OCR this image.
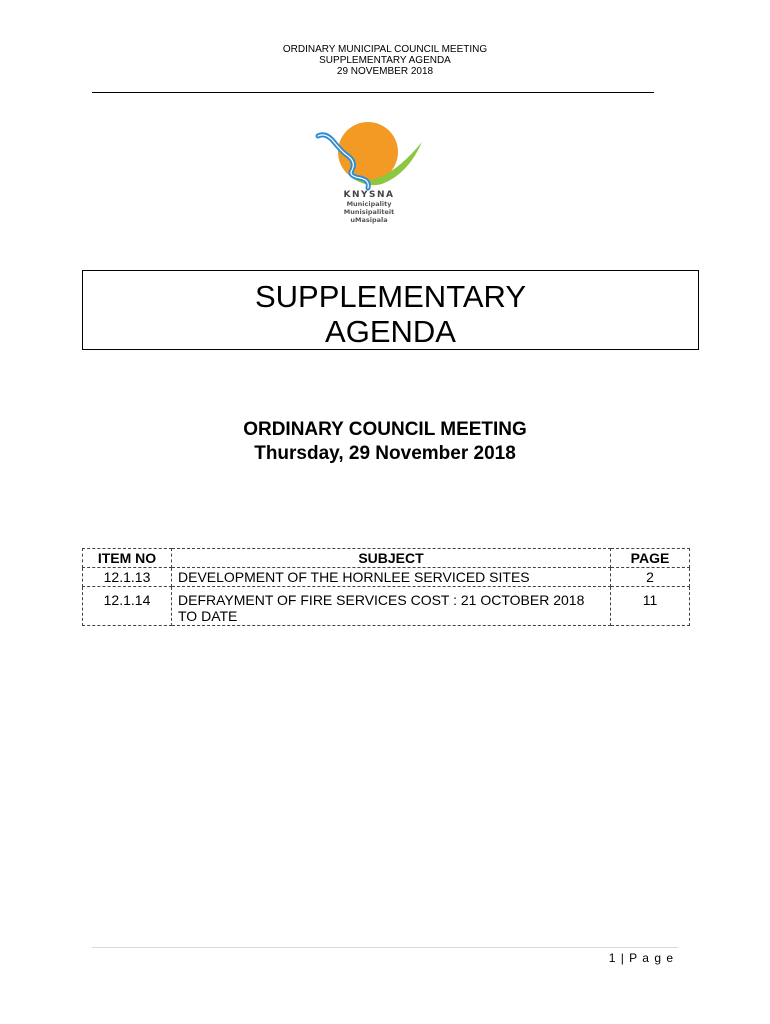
ORDINARY MUNICIPAL COUNCIL MEETING
SUPPLEMENTARY AGENDA
29 NOVEMBER 2018
KNYSNA
Municipality
Munisipaliteit
uMasipala
SUPPLEMENTARY
AGENDA
ORDINARY COUNCIL MEETING
Thursday, 29 November 2018
ITEM NO	SUBJECT	PAGE
12.1.13	DEVELOPMENT OF THE HORNLEE SERVICED SITES	2
12.1.14	DEFRAYMENT OF FIRE SERVICES COST : 21 OCTOBER 2018 TO DATE	11
1 | P a g e
